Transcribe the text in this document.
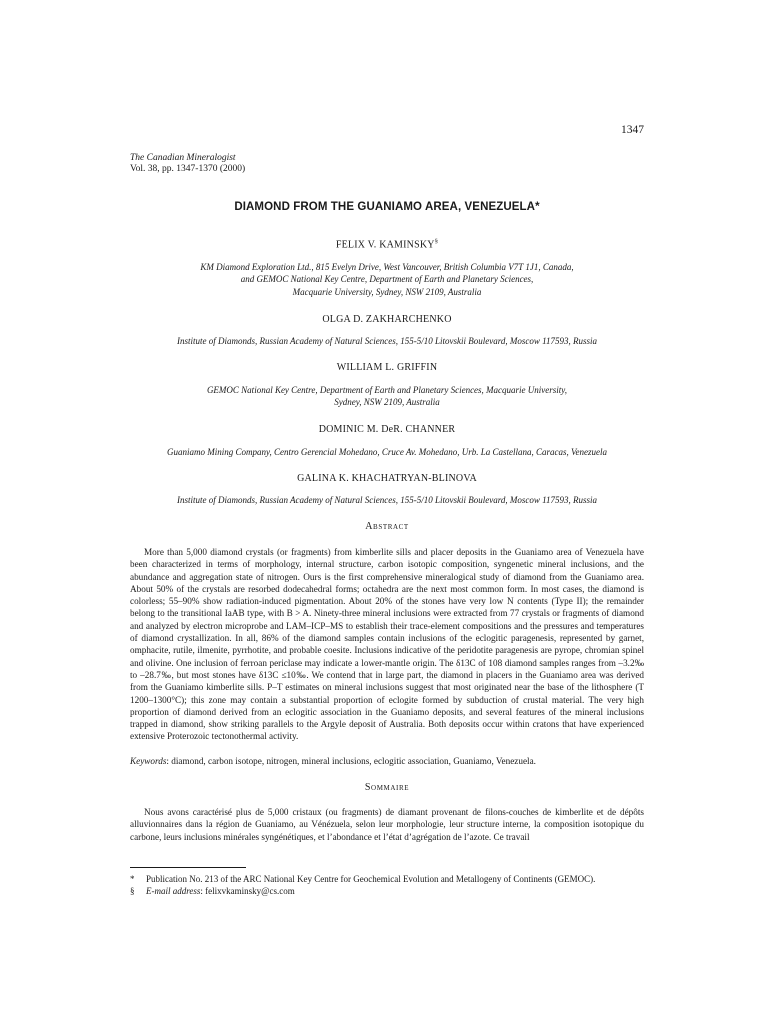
1347
The Canadian Mineralogist
Vol. 38, pp. 1347-1370 (2000)
DIAMOND FROM THE GUANIAMO AREA, VENEZUELA*
FELIX V. KAMINSKY§
KM Diamond Exploration Ltd., 815 Evelyn Drive, West Vancouver, British Columbia V7T 1J1, Canada,
and GEMOC National Key Centre, Department of Earth and Planetary Sciences,
Macquarie University, Sydney, NSW 2109, Australia
OLGA D. ZAKHARCHENKO
Institute of Diamonds, Russian Academy of Natural Sciences, 155-5/10 Litovskii Boulevard, Moscow 117593, Russia
WILLIAM L. GRIFFIN
GEMOC National Key Centre, Department of Earth and Planetary Sciences, Macquarie University,
Sydney, NSW 2109, Australia
DOMINIC M. DeR. CHANNER
Guaniamo Mining Company, Centro Gerencial Mohedano, Cruce Av. Mohedano, Urb. La Castellana, Caracas, Venezuela
GALINA K. KHACHATRYAN-BLINOVA
Institute of Diamonds, Russian Academy of Natural Sciences, 155-5/10 Litovskii Boulevard, Moscow 117593, Russia
Abstract

More than 5,000 diamond crystals (or fragments) from kimberlite sills and placer deposits in the Guaniamo area of Venezuela have been characterized in terms of morphology, internal structure, carbon isotopic composition, syngenetic mineral inclusions, and the abundance and aggregation state of nitrogen. Ours is the first comprehensive mineralogical study of diamond from the Guaniamo area. About 50% of the crystals are resorbed dodecahedral forms; octahedra are the next most common form. In most cases, the diamond is colorless; 55–90% show radiation-induced pigmentation. About 20% of the stones have very low N contents (Type II); the remainder belong to the transitional IaAB type, with B > A. Ninety-three mineral inclusions were extracted from 77 crystals or fragments of diamond and analyzed by electron microprobe and LAM–ICP–MS to establish their trace-element compositions and the pressures and temperatures of diamond crystallization. In all, 86% of the diamond samples contain inclusions of the eclogitic paragenesis, represented by garnet, omphacite, rutile, ilmenite, pyrrhotite, and probable coesite. Inclusions indicative of the peridotite paragenesis are pyrope, chromian spinel and olivine. One inclusion of ferroan periclase may indicate a lower-mantle origin. The δ13C of 108 diamond samples ranges from –3.2‰ to –28.7‰, but most stones have δ13C ≤10‰. We contend that in large part, the diamond in placers in the Guaniamo area was derived from the Guaniamo kimberlite sills. P–T estimates on mineral inclusions suggest that most originated near the base of the lithosphere (T 1200–1300°C); this zone may contain a substantial proportion of eclogite formed by subduction of crustal material. The very high proportion of diamond derived from an eclogitic association in the Guaniamo deposits, and several features of the mineral inclusions trapped in diamond, show striking parallels to the Argyle deposit of Australia. Both deposits occur within cratons that have experienced extensive Proterozoic tectonothermal activity.

Keywords: diamond, carbon isotope, nitrogen, mineral inclusions, eclogitic association, Guaniamo, Venezuela.
Sommaire

Nous avons caractérisé plus de 5,000 cristaux (ou fragments) de diamant provenant de filons-couches de kimberlite et de dépôts alluvionnaires dans la région de Guaniamo, au Vénézuela, selon leur morphologie, leur structure interne, la composition isotopique du carbone, leurs inclusions minérales syngénétiques, et l’abondance et l’état d’agrégation de l’azote. Ce travail

* Publication No. 213 of the ARC National Key Centre for Geochemical Evolution and Metallogeny of Continents (GEMOC).
§ E-mail address: felixvkaminsky@cs.com
